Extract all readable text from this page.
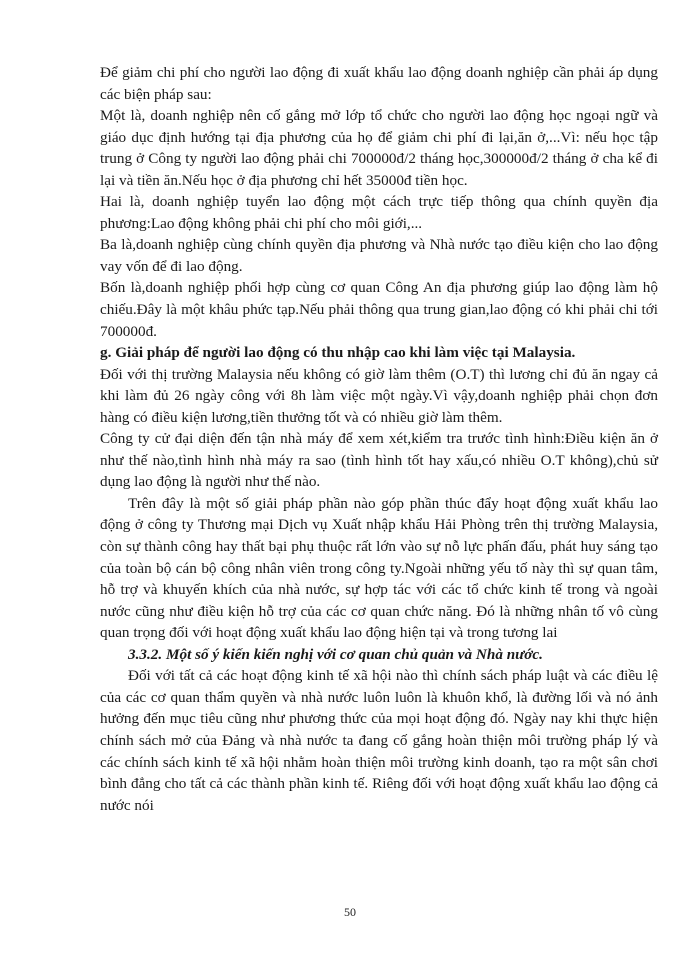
Để giảm chi phí cho người lao động đi xuất khẩu lao động doanh nghiệp cần phải áp dụng các biện pháp sau:

Một là, doanh nghiệp nên cố gắng mở lớp tổ chức cho người lao động học ngoại ngữ và giáo dục định hướng tại địa phương của họ để giảm chi phí đi lại,ăn ở,...Vì: nếu học tập trung ở Công ty người lao động phải chi 700000đ/2 tháng học,300000đ/2 tháng ở cha kể đi lại và tiền ăn.Nếu học ở địa phương chỉ hết 35000đ tiền học.

Hai là, doanh nghiệp tuyển lao động một cách trực tiếp thông qua chính quyền địa phương:Lao động không phải chi phí cho môi giới,...

Ba là,doanh nghiệp cùng chính quyền địa phương và Nhà nước tạo điều kiện cho lao động vay vốn để đi lao động.

Bốn là,doanh nghiệp phối hợp cùng cơ quan Công An địa phương giúp lao động làm hộ chiếu.Đây là một khâu phức tạp.Nếu phải thông qua trung gian,lao động có khi phải chi tới 700000đ.

g. Giải pháp để người lao động có thu nhập cao khi làm việc tại Malaysia.

Đối với thị trường Malaysia nếu không có giờ làm thêm (O.T) thì lương chỉ đủ ăn ngay cả khi làm đủ 26 ngày công với 8h làm việc một ngày.Vì vậy,doanh nghiệp phải chọn đơn hàng có điều kiện lương,tiền thưởng tốt và có nhiều giờ làm thêm.

Công ty cử đại diện đến tận nhà máy để xem xét,kiểm tra trước tình hình:Điều kiện ăn ở như thế nào,tình hình nhà máy ra sao (tình hình tốt hay xấu,có nhiều O.T không),chủ sử dụng lao động là người như thế nào.

Trên đây là một số giải pháp phần nào góp phần thúc đẩy hoạt động xuất khẩu lao động ở công ty Thương mại Dịch vụ Xuất nhập khẩu Hải Phòng trên thị trường Malaysia, còn sự thành công hay thất bại phụ thuộc rất lớn vào sự nỗ lực phấn đấu, phát huy sáng tạo của toàn bộ cán bộ công nhân viên trong công ty.Ngoài những yếu tố này thì sự quan tâm, hỗ trợ và khuyến khích của nhà nước, sự hợp tác với các tổ chức kinh tế trong và ngoài nước cũng như điều kiện hỗ trợ của các cơ quan chức năng. Đó là những nhân tố vô cùng quan trọng đối với hoạt động xuất khẩu lao động hiện tại và trong tương lai

3.3.2. Một số ý kiến kiến nghị với cơ quan chủ quản và Nhà nước.

Đối với tất cả các hoạt động kinh tế xã hội nào thì chính sách pháp luật và các điều lệ của các cơ quan thẩm quyền và nhà nước luôn luôn là khuôn khổ, là đường lối và nó ảnh hưởng đến mục tiêu cũng như phương thức của mọi hoạt động đó. Ngày nay khi thực hiện chính sách mở của Đảng và nhà nước ta đang cố gắng hoàn thiện môi trường pháp lý và các chính sách kinh tế xã hội nhằm hoàn thiện môi trường kinh doanh, tạo ra một sân chơi bình đẳng cho tất cả các thành phần kinh tế. Riêng đối với hoạt động xuất khẩu lao động cả nước nói

50
